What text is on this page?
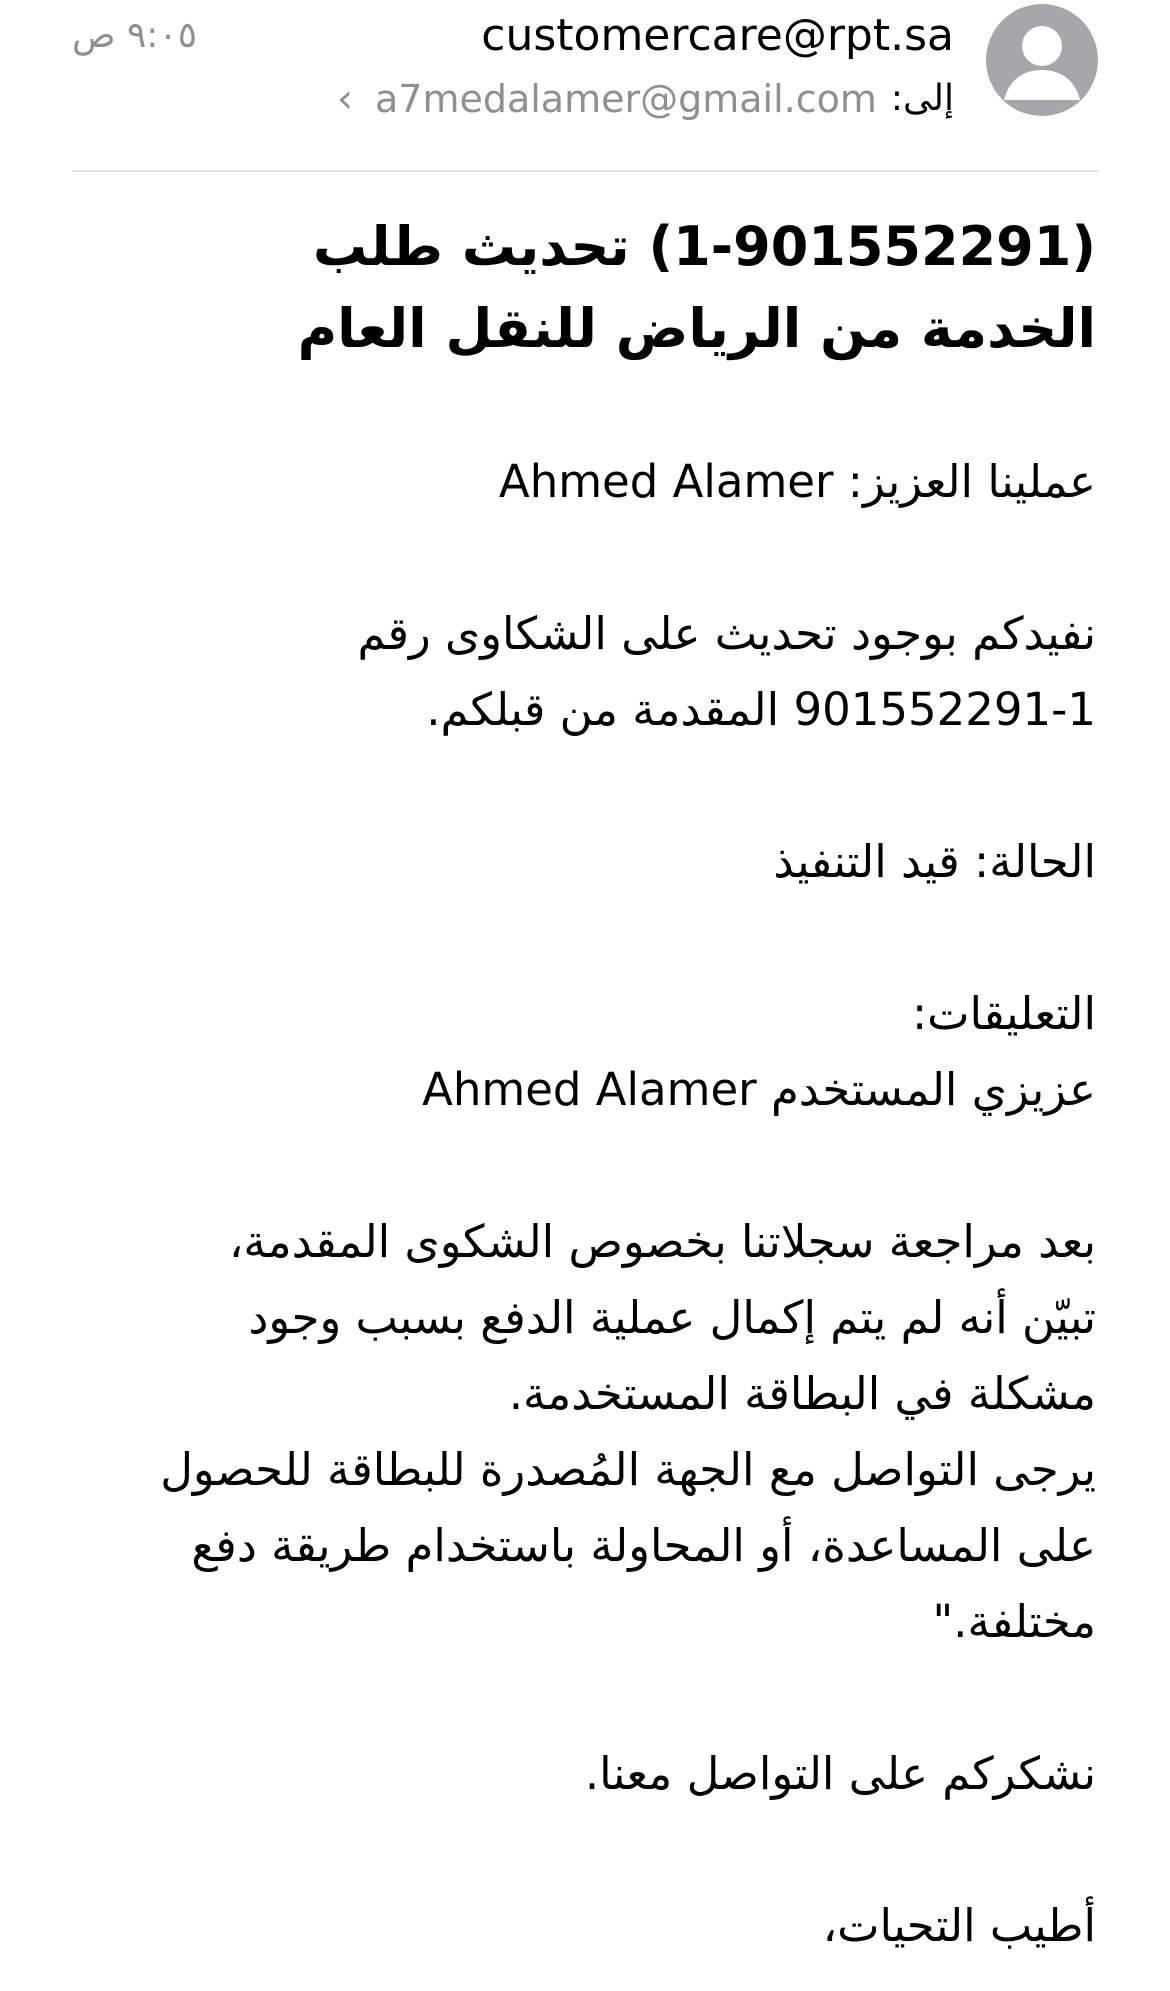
customercare@rpt.sa
٩:٠٥ ص
إلى:
a7medalamer@gmail.com
‹
(1-901552291) تحديث طلب
الخدمة من الرياض للنقل العام

عملينا العزيز: Ahmed Alamer

نفيدكم بوجود تحديث على الشكاوى رقم
901552291-1 المقدمة من قبلكم.

الحالة: قيد التنفيذ

التعليقات:

عزيزي المستخدم Ahmed Alamer

بعد مراجعة سجلاتنا بخصوص الشكوى المقدمة،
تبيّن أنه لم يتم إكمال عملية الدفع بسبب وجود
مشكلة في البطاقة المستخدمة.
يرجى التواصل مع الجهة المُصدرة للبطاقة للحصول
على المساعدة، أو المحاولة باستخدام طريقة دفع
مختلفة."

نشكركم على التواصل معنا.

أطيب التحيات،
